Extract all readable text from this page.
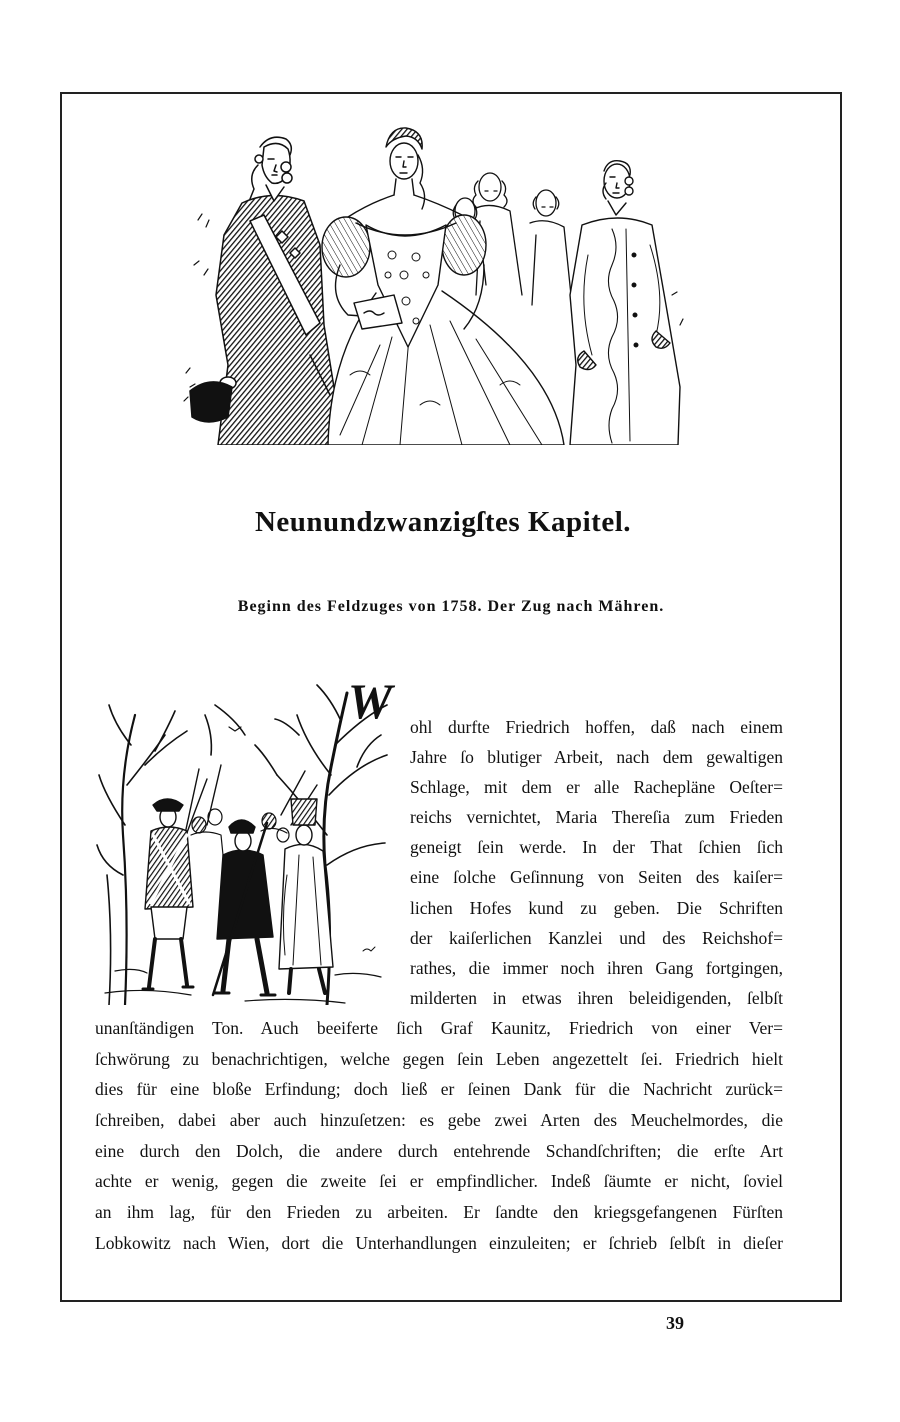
Neunundzwanzigſtes Kapitel.
Beginn des Feldzuges von 1758. Der Zug nach Mähren.
W ohl durfte Friedrich hoffen, daß nach einem
Jahre ſo blutiger Arbeit, nach dem gewaltigen
Schlage, mit dem er alle Rachepläne Oeſter=
reichs vernichtet, Maria Thereſia zum Frieden
geneigt ſein werde. In der That ſchien ſich
eine ſolche Geſinnung von Seiten des kaiſer=
lichen Hofes kund zu geben. Die Schriften
der kaiſerlichen Kanzlei und des Reichshof=
rathes, die immer noch ihren Gang fortgingen,
milderten in etwas ihren beleidigenden, ſelbſt
unanſtändigen Ton. Auch beeiferte ſich Graf Kaunitz, Friedrich von einer Ver=
ſchwörung zu benachrichtigen, welche gegen ſein Leben angezettelt ſei. Friedrich hielt
dies für eine bloße Erfindung; doch ließ er ſeinen Dank für die Nachricht zurück=
ſchreiben, dabei aber auch hinzuſetzen: es gebe zwei Arten des Meuchelmordes, die
eine durch den Dolch, die andere durch entehrende Schandſchriften; die erſte Art
achte er wenig, gegen die zweite ſei er empfindlicher. Indeß ſäumte er nicht, ſoviel
an ihm lag, für den Frieden zu arbeiten. Er ſandte den kriegsgefangenen Fürſten
Lobkowitz nach Wien, dort die Unterhandlungen einzuleiten; er ſchrieb ſelbſt in dieſer
39
